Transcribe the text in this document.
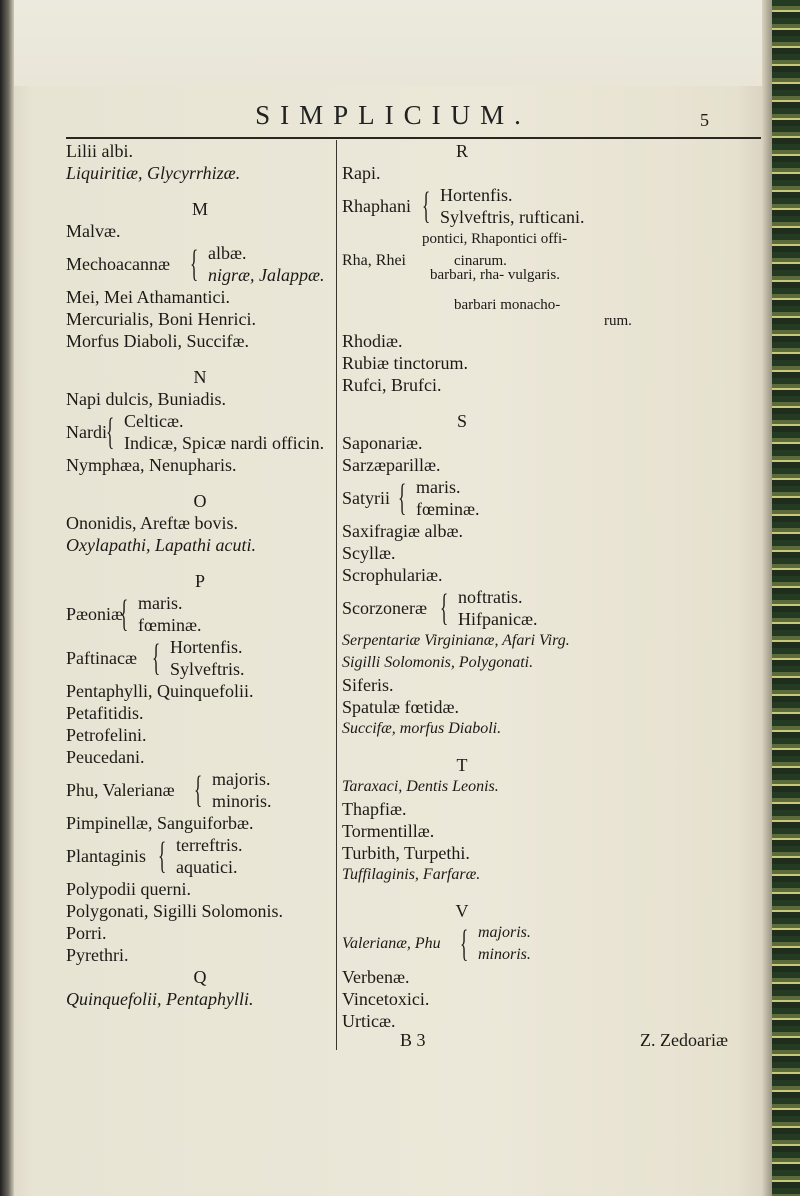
SIMPLICIUM.	5
Lilii albi.
Liquiritiæ, Glycyrrhizæ.
M
Malvæ.
Mechoacannæ { albæ.
nigræ, Jalappæ.
Mei, Mei Athamantici.
Mercurialis, Boni Henrici.
Morfus Diaboli, Succifæ.
N
Napi dulcis, Buniadis.
Nardi { Celticæ.
Indicæ, Spicæ nardi officin.
Nymphæa, Nenupharis.
O
Ononidis, Areftæ bovis.
Oxylapathi, Lapathi acuti.
P
Pæoniæ
{ maris.
fœminæ.
Paftinacæ { Hortenfis.
Sylveftris.
Pentaphylli, Quinquefolii.
Petafitidis.
Petrofelini.
Peucedani.
Phu, Valerianæ { majoris.
minoris.
Pimpinellæ, Sanguiforbæ.
Plantaginis { terreftris.
aquatici.
Polypodii querni.
Polygonati, Sigilli Solomonis.
Porri.
Pyrethri.
Q
Quinquefolii, Pentaphylli.
R
Rapi.
Rhaphani { Hortenfis.
Sylveftris, rufticani.
Rha, Rhei
pontici, Rhapontici offi-
cinarum.
barbari, rha- vulgaris.
barbari monacho-
rum.
Rhodiæ.
Rubiæ tinctorum.
Rufci, Brufci.
S
Saponariæ.
Sarzæparillæ.
Satyrii { maris.
fœminæ.
Saxifragiæ albæ.
Scyllæ.
Scrophulariæ.
Scorzoneræ { noftratis.
Hifpanicæ.
Serpentariæ Virginianæ, Afari Virg.
Sigilli Solomonis, Polygonati.
Siferis.
Spatulæ fœtidæ.
Succifæ, morfus Diaboli.
T
Taraxaci, Dentis Leonis.
Thapfiæ.
Tormentillæ.
Turbith, Turpethi.
Tuffilaginis, Farfaræ.
V
Valerianæ, Phu { majoris.
minoris.
Verbenæ.
Vincetoxici.
Urticæ.
B 3	Z. Zedoariæ
